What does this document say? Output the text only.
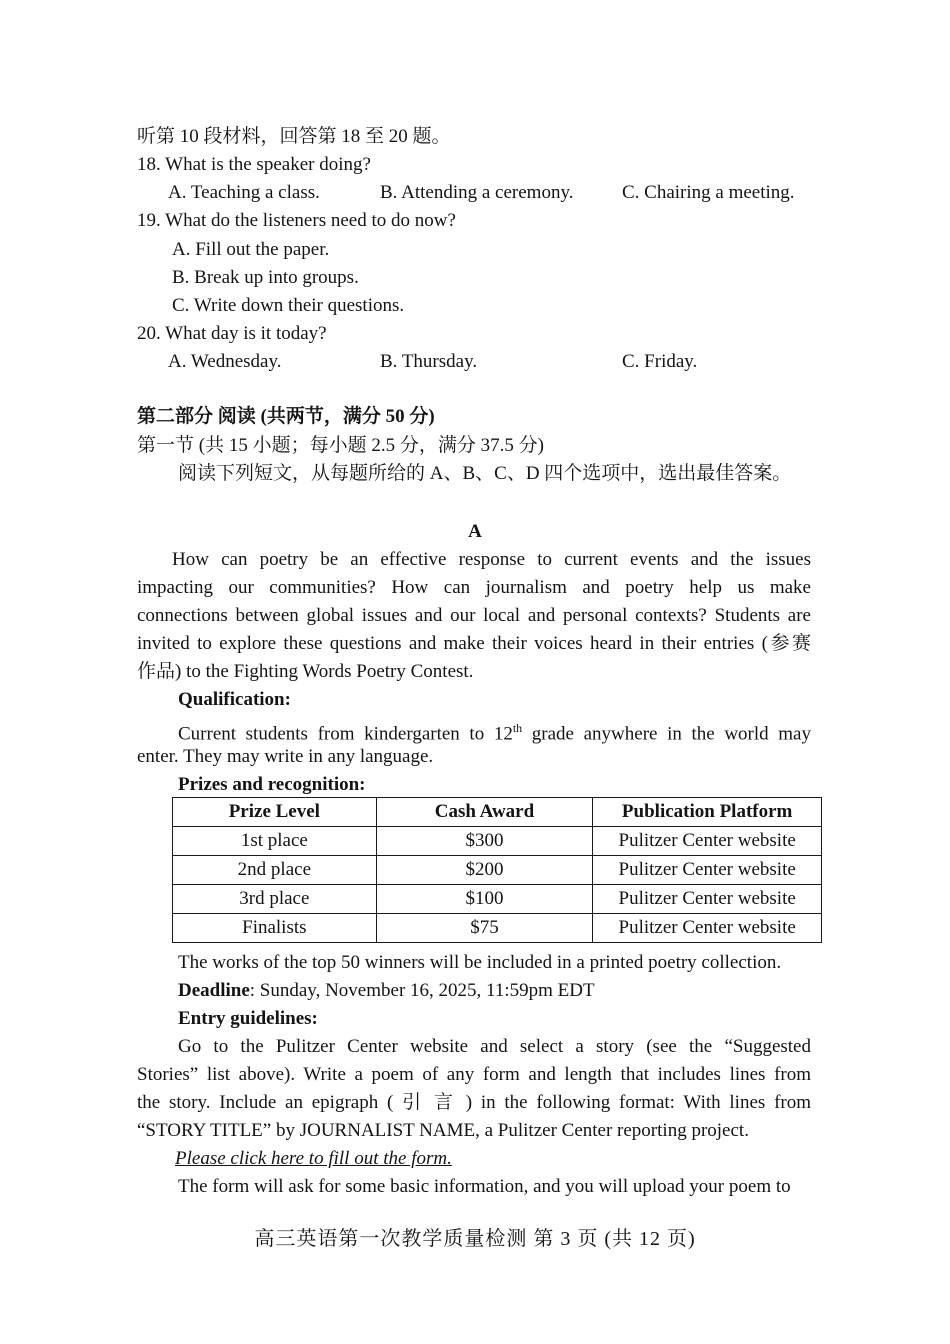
听第 10 段材料，回答第 18 至 20 题。
18. What is the speaker doing?
A. Teaching a class.	B. Attending a ceremony.	C. Chairing a meeting.
19. What do the listeners need to do now?
A. Fill out the paper.
B. Break up into groups.
C. Write down their questions.
20. What day is it today?
A. Wednesday.	B. Thursday.	C. Friday.
第二部分 阅读 (共两节，满分 50 分)
第一节 (共 15 小题；每小题 2.5 分，满分 37.5 分)
阅读下列短文，从每题所给的 A、B、C、D 四个选项中，选出最佳答案。
A
How can poetry be an effective response to current events and the issues
impacting our communities? How can journalism and poetry help us make
connections between global issues and our local and personal contexts? Students are
invited to explore these questions and make their voices heard in their entries (参赛
作品) to the Fighting Words Poetry Contest.
Qualification:
Current students from kindergarten to 12th grade anywhere in the world may
enter. They may write in any language.
Prizes and recognition:
Prize Level	Cash Award	Publication Platform
1st place	$300	Pulitzer Center website
2nd place	$200	Pulitzer Center website
3rd place	$100	Pulitzer Center website
Finalists	$75	Pulitzer Center website
The works of the top 50 winners will be included in a printed poetry collection.
Deadline: Sunday, November 16, 2025, 11:59pm EDT
Entry guidelines:
Go to the Pulitzer Center website and select a story (see the “Suggested
Stories” list above). Write a poem of any form and length that includes lines from
the story. Include an epigraph ( 引 言 ) in the following format: With lines from
“STORY TITLE” by JOURNALIST NAME, a Pulitzer Center reporting project.
Please click here to fill out the form.
The form will ask for some basic information, and you will upload your poem to
高三英语第一次教学质量检测 第 3 页 (共 12 页)
